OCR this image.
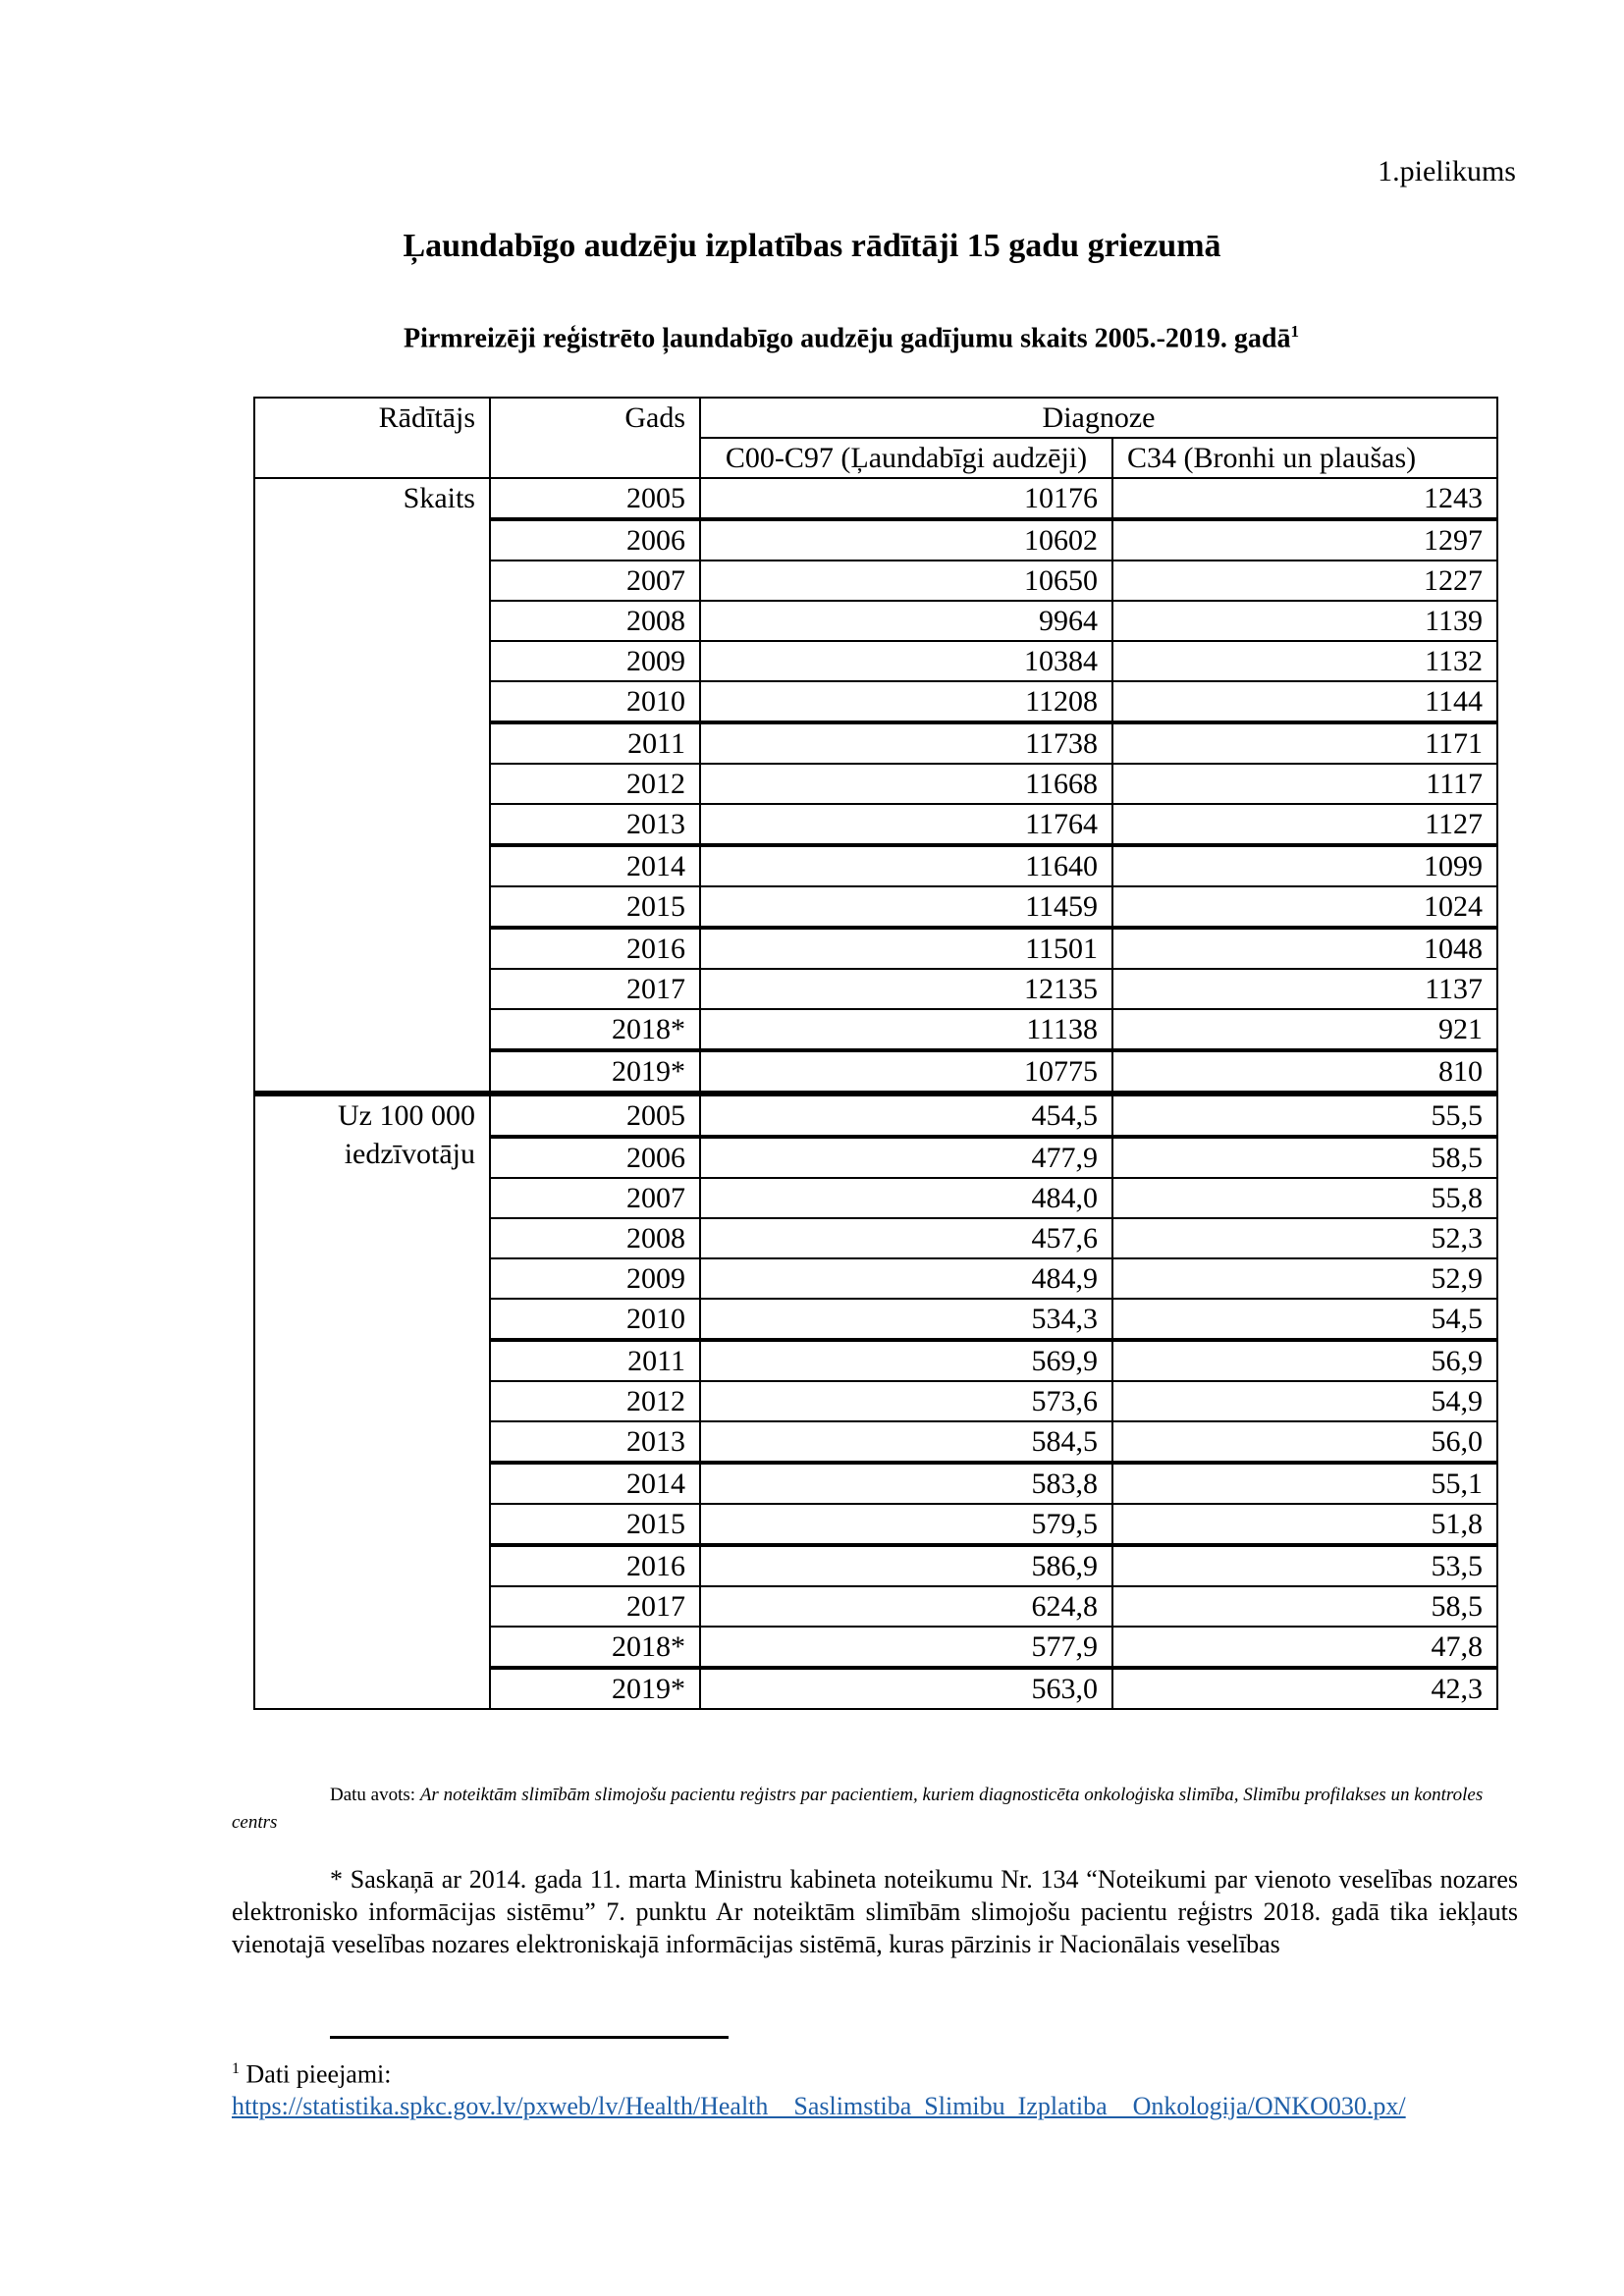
1.pielikums
Ļaundabīgo audzēju izplatības rādītāji 15 gadu griezumā
Pirmreizēji reģistrēto ļaundabīgo audzēju gadījumu skaits 2005.-2019. gadā$^1$
Rādītājs	Gads	Diagnoze	
		C00-C97 (Ļaundabīgi audzēji)	C34 (Bronhi un plaušas)
Skaits	2005	10176	1243
	2006	10602	1297
	2007	10650	1227
	2008	9964	1139
	2009	10384	1132
	2010	11208	1144
	2011	11738	1171
	2012	11668	1117
	2013	11764	1127
	2014	11640	1099
	2015	11459	1024
	2016	11501	1048
	2017	12135	1137
	2018*	11138	921
	2019*	10775	810
Uz 100 000 iedzīvotāju	2005	454,5	55,5
	2006	477,9	58,5
	2007	484,0	55,8
	2008	457,6	52,3
	2009	484,9	52,9
	2010	534,3	54,5
	2011	569,9	56,9
	2012	573,6	54,9
	2013	584,5	56,0
	2014	583,8	55,1
	2015	579,5	51,8
	2016	586,9	53,5
	2017	624,8	58,5
	2018*	577,9	47,8
	2019*	563,0	42,3
Datu avots: Ar noteiktām slimībām slimojošu pacientu reģistrs par pacientiem, kuriem diagnosticēta onkoloģiska slimība, Slimību profilakses un kontroles centrs
* Saskaņā ar 2014. gada 11. marta Ministru kabineta noteikumu Nr. 134 “Noteikumi par vienoto veselības nozares elektronisko informācijas sistēmu” 7. punktu Ar noteiktām slimībām slimojošu pacientu reģistrs 2018. gadā tika iekļauts vienotajā veselības nozares elektroniskajā informācijas sistēmā, kuras pārzinis ir Nacionālais veselības
$^1$ Dati pieejami:
https://statistika.spkc.gov.lv/pxweb/lv/Health/Health__Saslimstiba_Slimibu_Izplatiba__Onkologija/ONKO030.px/
